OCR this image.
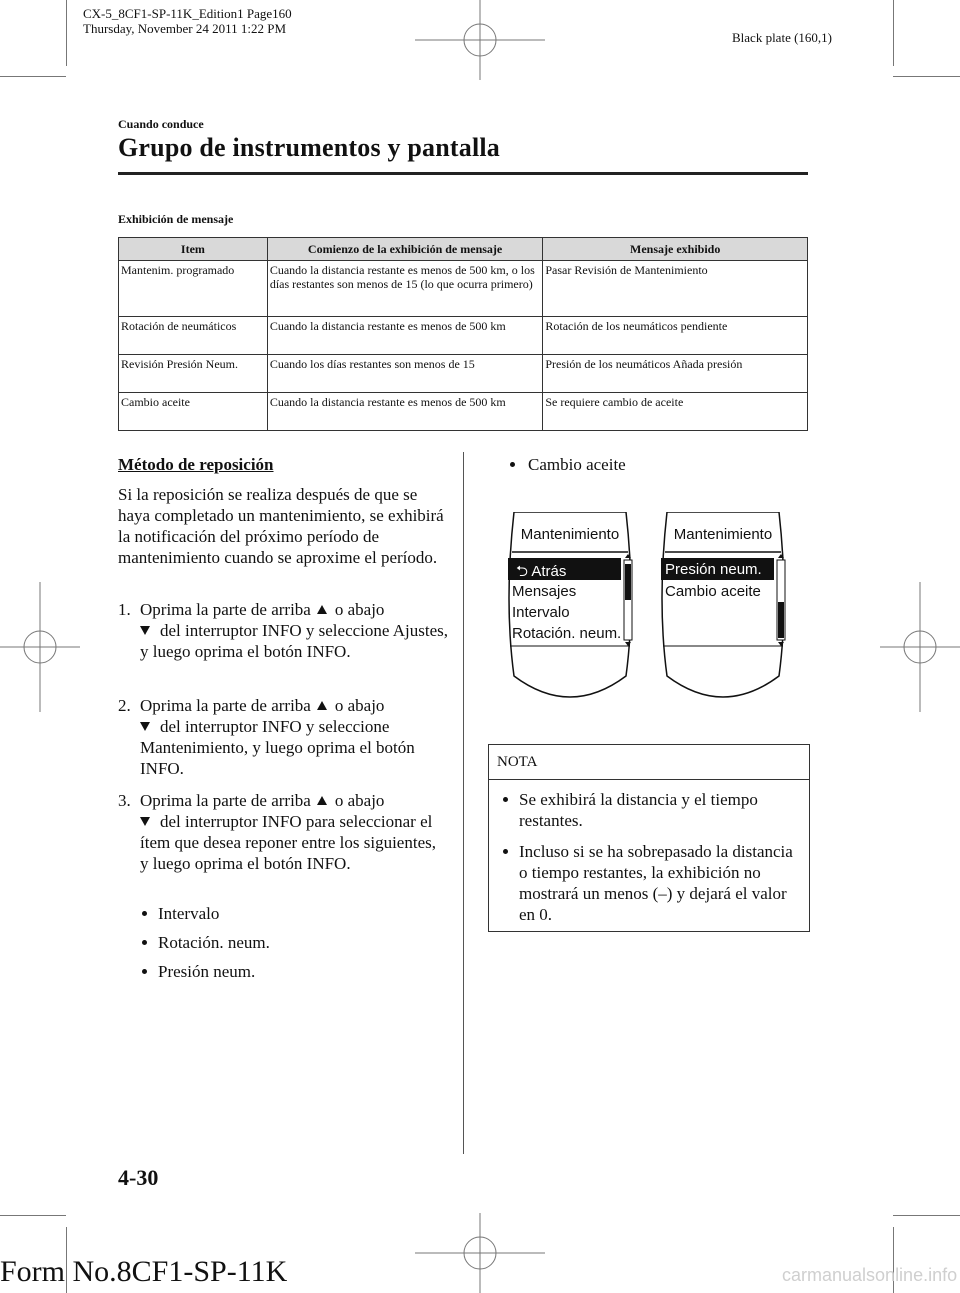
CX-5_8CF1-SP-11K_Edition1 Page160
Thursday, November 24 2011 1:22 PM
Black plate (160,1)
Cuando conduce
Grupo de instrumentos y pantalla
Exhibición de mensaje
Item	Comienzo de la exhibición de mensaje	Mensaje exhibido
Mantenim. programado	Cuando la distancia restante es menos de 500 km, o los días restantes son menos de 15 (lo que ocurra primero)	Pasar Revisión de Mantenimiento
Rotación de neumáticos	Cuando la distancia restante es menos de 500 km	Rotación de los neumáticos pendiente
Revisión Presión Neum.	Cuando los días restantes son menos de 15	Presión de los neumáticos Añada presión
Cambio aceite	Cuando la distancia restante es menos de 500 km	Se requiere cambio de aceite
Método de reposición
Si la reposición se realiza después de que se haya completado un mantenimiento, se exhibirá la notificación del próximo período de mantenimiento cuando se aproxime el período.
1. Oprima la parte de arriba o abajo
del interruptor INFO y seleccione Ajustes, y luego oprima el botón INFO.
2. Oprima la parte de arriba o abajo
del interruptor INFO y seleccione Mantenimiento, y luego oprima el botón INFO.
3. Oprima la parte de arriba o abajo
del interruptor INFO para seleccionar el ítem que desea reponer entre los siguientes, y luego oprima el botón INFO.
Intervalo
Rotación. neum.
Presión neum.
Cambio aceite
Mantenimiento
⮌ Atrás
Mensajes
Intervalo
Rotación. neum.
Mantenimiento
Presión neum.
Cambio aceite
NOTA
Se exhibirá la distancia y el tiempo restantes.
Incluso si se ha sobrepasado la distancia o tiempo restantes, la exhibición no mostrará un menos (–) y dejará el valor en 0.
4-30
Form No.8CF1-SP-11K	carmanualsonline.info
